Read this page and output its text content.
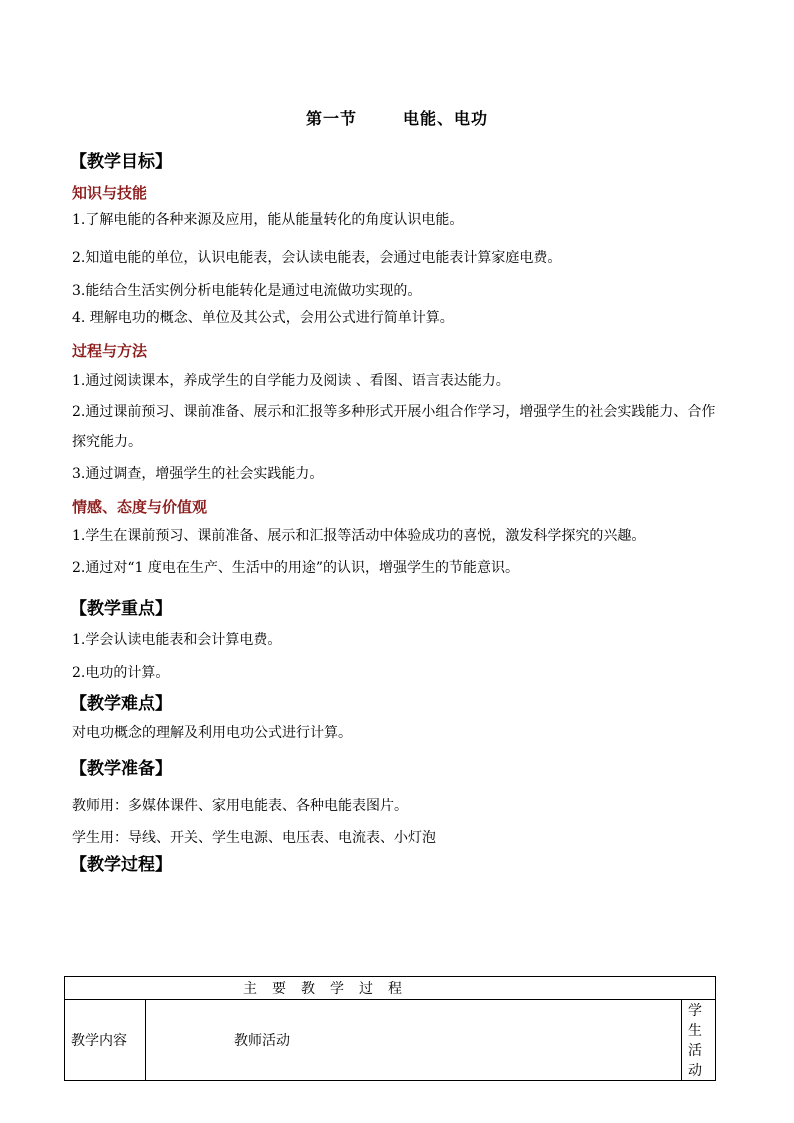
第一节	电能、电功
【教学目标】
知识与技能
1.了解电能的各种来源及应用，能从能量转化的角度认识电能。
2.知道电能的单位，认识电能表，会认读电能表，会通过电能表计算家庭电费。
3.能结合生活实例分析电能转化是通过电流做功实现的。
4. 理解电功的概念、单位及其公式，会用公式进行简单计算。
过程与方法
1.通过阅读课本，养成学生的自学能力及阅读 、看图、语言表达能力。
2.通过课前预习、课前准备、展示和汇报等多种形式开展小组合作学习，增强学生的社会实践能力、合作探究能力。
3.通过调查，增强学生的社会实践能力。
情感、态度与价值观
1.学生在课前预习、课前准备、展示和汇报等活动中体验成功的喜悦，激发科学探究的兴趣。
2.通过对“1 度电在生产、生活中的用途”的认识，增强学生的节能意识。
【教学重点】
1.学会认读电能表和会计算电费。
2.电功的计算。
【教学难点】
对电功概念的理解及利用电功公式进行计算。
【教学准备】
教师用：多媒体课件、家用电能表、各种电能表图片。
学生用：导线、开关、学生电源、电压表、电流表、小灯泡
【教学过程】
主要教学过程
教学内容	教师活动	学生活动
